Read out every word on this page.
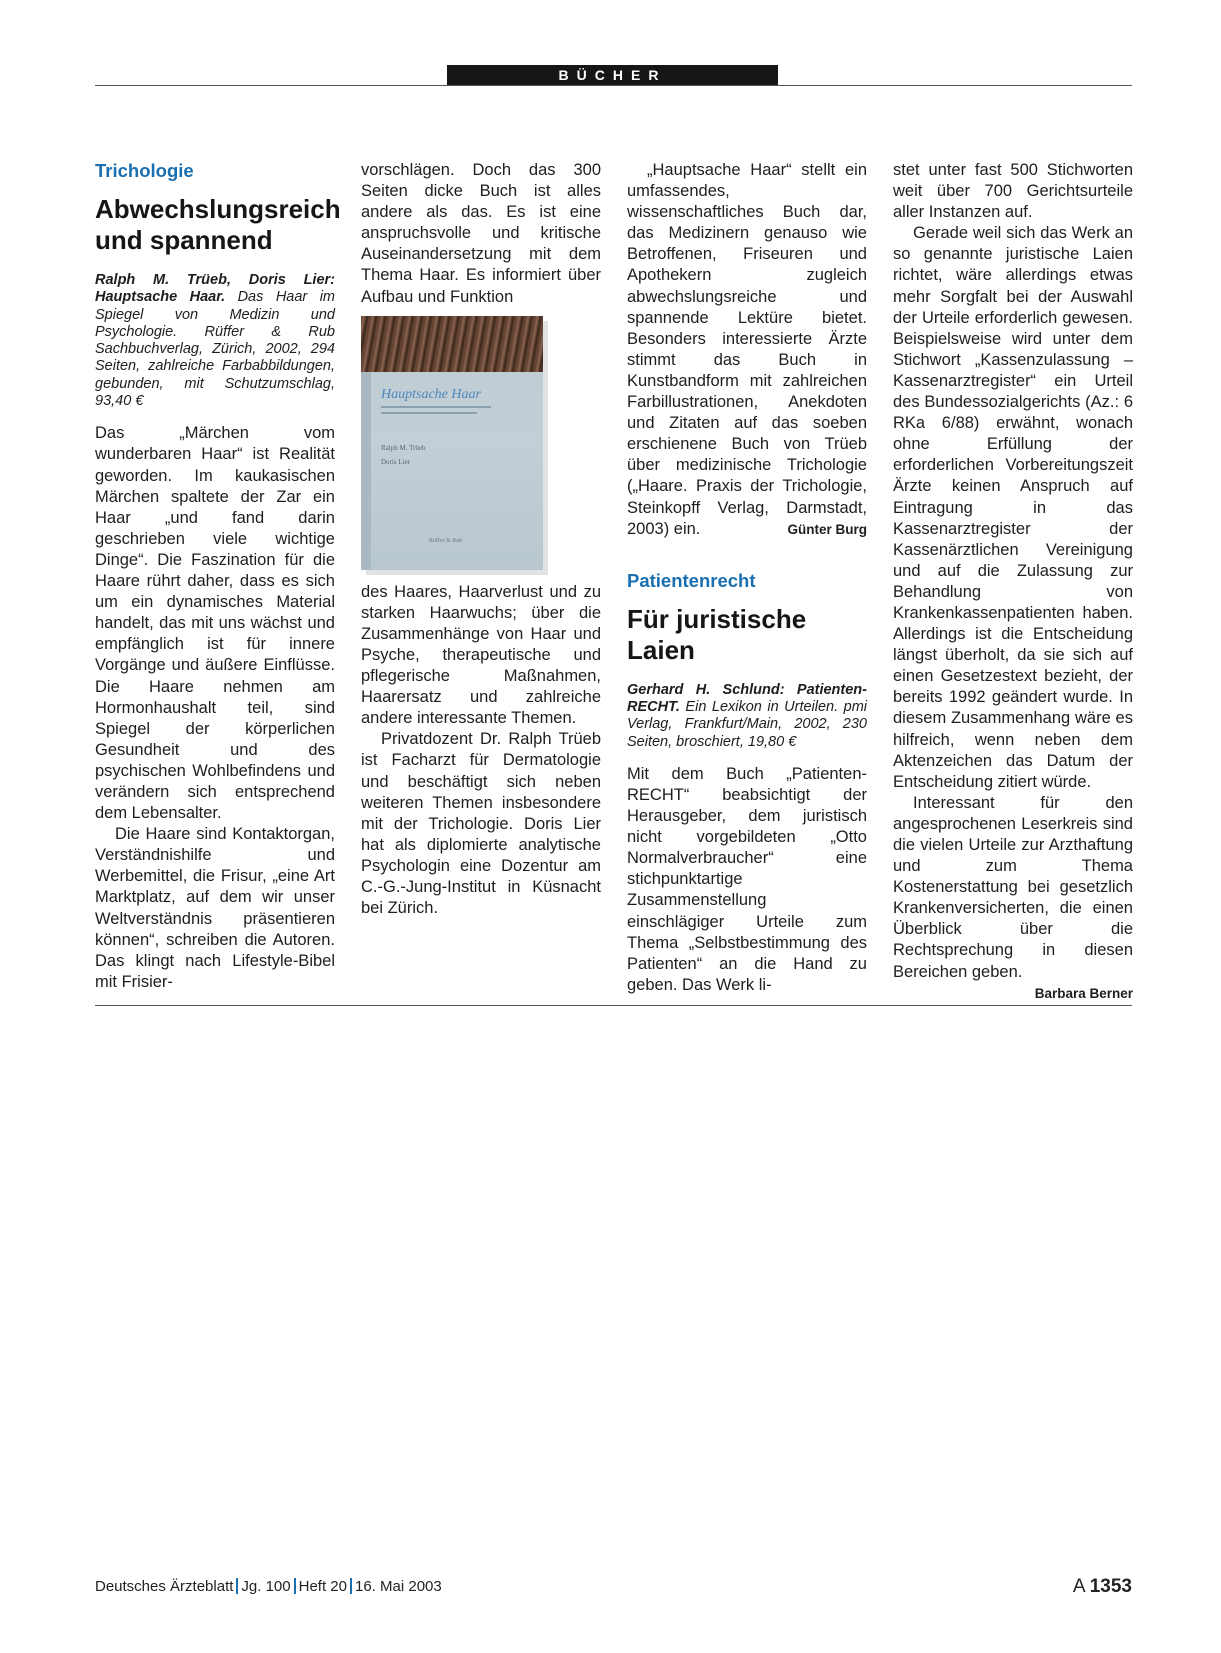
BÜCHER
Trichologie
Abwechslungsreich und spannend
Ralph M. Trüeb, Doris Lier: Hauptsache Haar. Das Haar im Spiegel von Medizin und Psychologie. Rüffer & Rub Sachbuchverlag, Zürich, 2002, 294 Seiten, zahlreiche Farbabbildungen, gebunden, mit Schutzumschlag, 93,40 €

Das „Märchen vom wunderbaren Haar“ ist Realität geworden. Im kaukasischen Märchen spaltete der Zar ein Haar „und fand darin geschrieben viele wichtige Dinge“. Die Faszination für die Haare rührt daher, dass es sich um ein dynamisches Material handelt, das mit uns wächst und empfänglich ist für innere Vorgänge und äußere Einflüsse. Die Haare nehmen am Hormonhaushalt teil, sind Spiegel der körperlichen Gesundheit und des psychischen Wohlbefindens und verändern sich entsprechend dem Lebensalter.

Die Haare sind Kontaktorgan, Verständnishilfe und Werbemittel, die Frisur, „eine Art Marktplatz, auf dem wir unser Weltverständnis präsentieren können“, schreiben die Autoren. Das klingt nach Lifestyle-Bibel mit Frisier-

vorschlägen. Doch das 300 Seiten dicke Buch ist alles andere als das. Es ist eine anspruchsvolle und kritische Auseinandersetzung mit dem Thema Haar. Es informiert über Aufbau und Funktion

Hauptsache Haar
Ralph M. Trüeb
Doris Lier
Rüffer & Rub

des Haares, Haarverlust und zu starken Haarwuchs; über die Zusammenhänge von Haar und Psyche, therapeutische und pflegerische Maßnahmen, Haarersatz und zahlreiche andere interessante Themen.

Privatdozent Dr. Ralph Trüeb ist Facharzt für Dermatologie und beschäftigt sich neben weiteren Themen insbesondere mit der Trichologie. Doris Lier hat als diplomierte analytische Psychologin eine Dozentur am C.-G.-Jung-Institut in Küsnacht bei Zürich.

„Hauptsache Haar“ stellt ein umfassendes, wissenschaftliches Buch dar, das Medizinern genauso wie Betroffenen, Friseuren und Apothekern zugleich abwechslungsreiche und spannende Lektüre bietet. Besonders interessierte Ärzte stimmt das Buch in Kunstbandform mit zahlreichen Farbillustrationen, Anekdoten und Zitaten auf das soeben erschienene Buch von Trüeb über medizinische Trichologie („Haare. Praxis der Trichologie, Steinkopff Verlag, Darmstadt, 2003) ein.	Günter Burg

Patientenrecht
Für juristische Laien
Gerhard H. Schlund: Patienten-RECHT. Ein Lexikon in Urteilen. pmi Verlag, Frankfurt/Main, 2002, 230 Seiten, broschiert, 19,80 €

Mit dem Buch „Patienten-RECHT“ beabsichtigt der Herausgeber, dem juristisch nicht vorgebildeten „Otto Normalverbraucher“ eine stichpunktartige Zusammenstellung einschlägiger Urteile zum Thema „Selbstbestimmung des Patienten“ an die Hand zu geben. Das Werk li-

stet unter fast 500 Stichworten weit über 700 Gerichtsurteile aller Instanzen auf.

Gerade weil sich das Werk an so genannte juristische Laien richtet, wäre allerdings etwas mehr Sorgfalt bei der Auswahl der Urteile erforderlich gewesen. Beispielsweise wird unter dem Stichwort „Kassenzulassung – Kassenarztregister“ ein Urteil des Bundessozialgerichts (Az.: 6 RKa 6/88) erwähnt, wonach ohne Erfüllung der erforderlichen Vorbereitungszeit Ärzte keinen Anspruch auf Eintragung in das Kassenarztregister der Kassenärztlichen Vereinigung und auf die Zulassung zur Behandlung von Krankenkassenpatienten haben. Allerdings ist die Entscheidung längst überholt, da sie sich auf einen Gesetzestext bezieht, der bereits 1992 geändert wurde. In diesem Zusammenhang wäre es hilfreich, wenn neben dem Aktenzeichen das Datum der Entscheidung zitiert würde.

Interessant für den angesprochenen Leserkreis sind die vielen Urteile zur Arzthaftung und zum Thema Kostenerstattung bei gesetzlich Krankenversicherten, die einen Überblick über die Rechtsprechung in diesen Bereichen geben.
Barbara Berner

Deutsches Ärzteblatt Jg. 100 Heft 20 16. Mai 2003	A 1353
